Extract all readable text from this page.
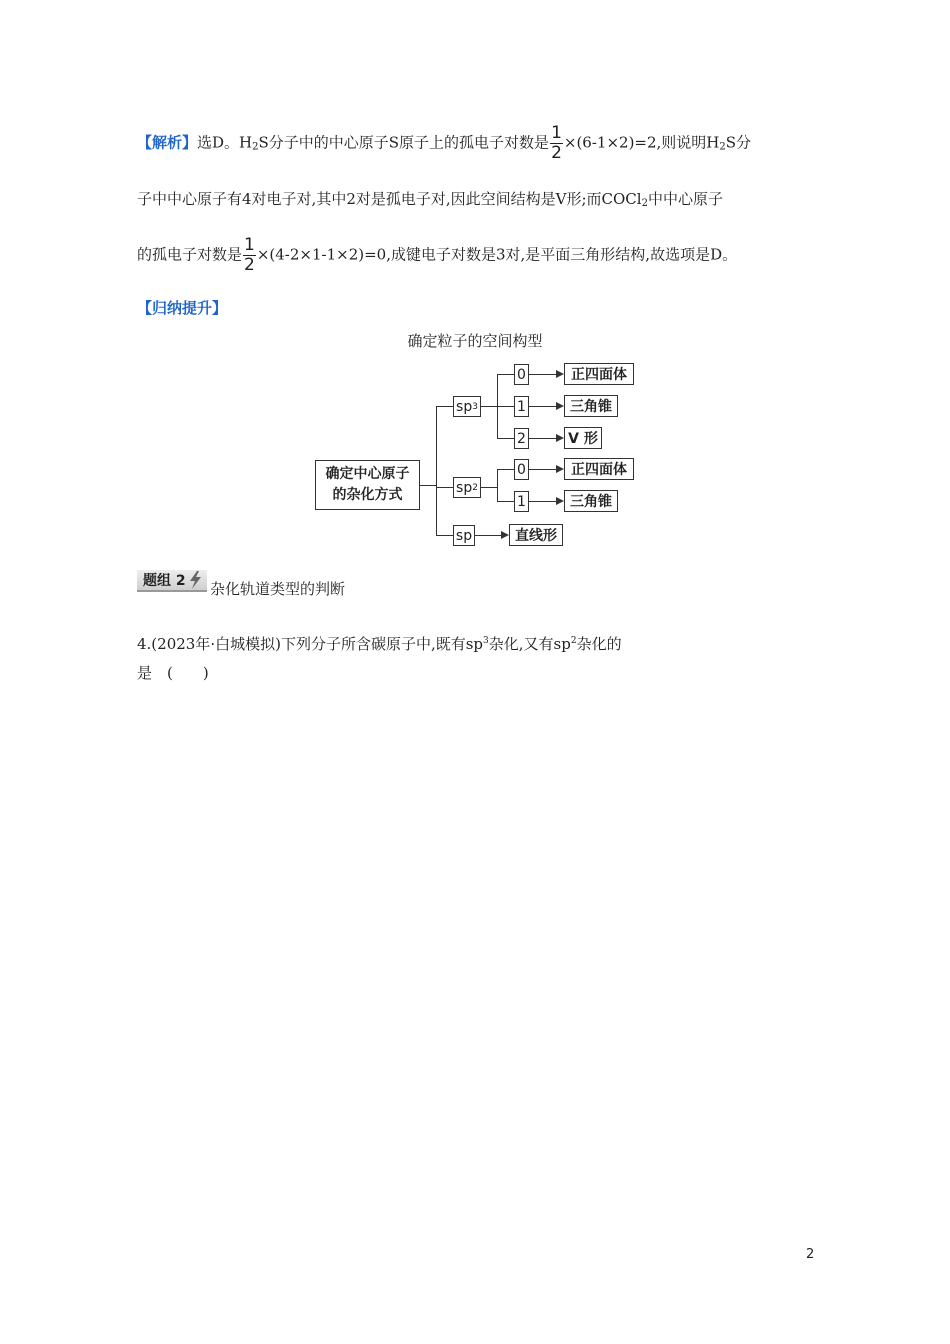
【解析】选D。$H_2S$分子中的中心原子S原子上的孤电子对数是 $\frac{1}{2} \times(6-1\times 2)=2$,则说明$H_2S$分
子中中心原子有4对电子对,其中2对是孤电子对,因此空间结构是V形;而COCl$_2$中中心原子
的孤电子对数是 $\frac{1}{2} \times(4-2\times 1-1\times 2)=0$,成键电子对数是3对,是平面三角形结构,故选项是D。
【归纳提升】
确定粒子的空间构型
确定中心原子
的杂化方式
sp 3
0
1
2
正四面体
三角锥
V 形
sp 2
0
1
正四面体
三角锥
sp	直线形
题组 2 杂化轨道类型的判断
4.(2023年·白城模拟)下列分子所含碳原子中,既有$sp^3$杂化,又有$sp^2$杂化的
是　(　　)
2
